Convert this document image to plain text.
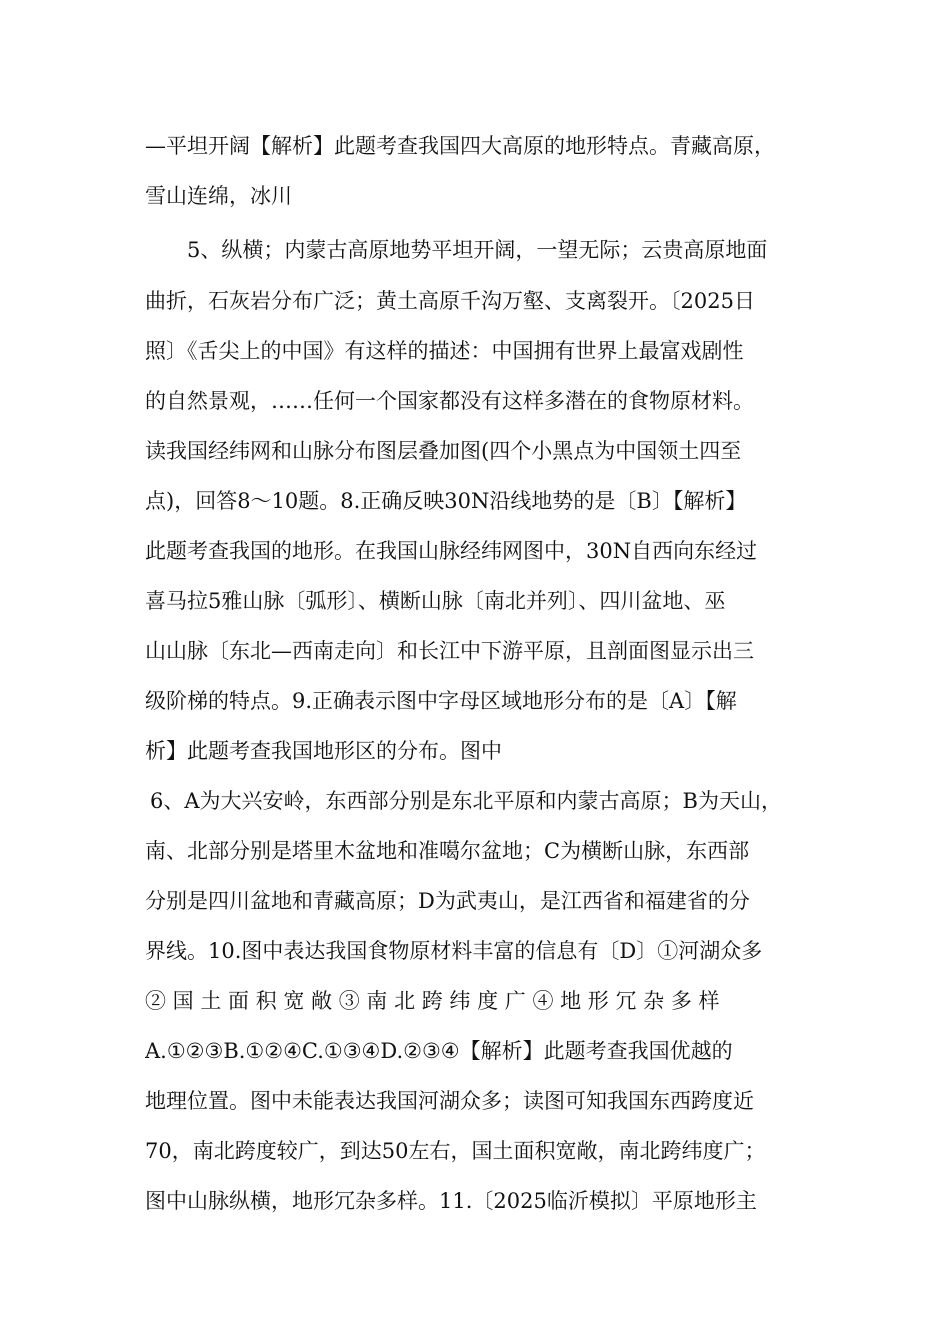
—平坦开阔【解析】此题考查我国四大高原的地形特点。青藏高原，
雪山连绵，冰川
5、纵横；内蒙古高原地势平坦开阔，一望无际；云贵高原地面
曲折，石灰岩分布广泛；黄土高原千沟万壑、支离裂开。〔2025日
照〕《舌尖上的中国》有这样的描述：中国拥有世界上最富戏剧性
的自然景观，……任何一个国家都没有这样多潜在的食物原材料。
读我国经纬网和山脉分布图层叠加图(四个小黑点为中国领土四至
点)，回答8～10题。8.正确反映30N沿线地势的是〔B〕【解析】
此题考查我国的地形。在我国山脉经纬网图中，30N自西向东经过
喜马拉5雅山脉〔弧形〕、横断山脉〔南北并列〕、四川盆地、巫
山山脉〔东北—西南走向〕和长江中下游平原，且剖面图显示出三
级阶梯的特点。9.正确表示图中字母区域地形分布的是〔A〕【解
析】此题考查我国地形区的分布。图中
6、A为大兴安岭，东西部分别是东北平原和内蒙古高原；B为天山，
南、北部分别是塔里木盆地和准噶尔盆地；C为横断山脉，东西部
分别是四川盆地和青藏高原；D为武夷山，是江西省和福建省的分
界线。10.图中表达我国食物原材料丰富的信息有〔D〕①河湖众多
② 国 土 面 积 宽 敞 ③ 南 北 跨 纬 度 广 ④ 地 形 冗 杂 多 样
A.①②③B.①②④C.①③④D.②③④【解析】此题考查我国优越的
地理位置。图中未能表达我国河湖众多；读图可知我国东西跨度近
70，南北跨度较广，到达50左右，国土面积宽敞，南北跨纬度广；
图中山脉纵横，地形冗杂多样。11.〔2025临沂模拟〕平原地形主
